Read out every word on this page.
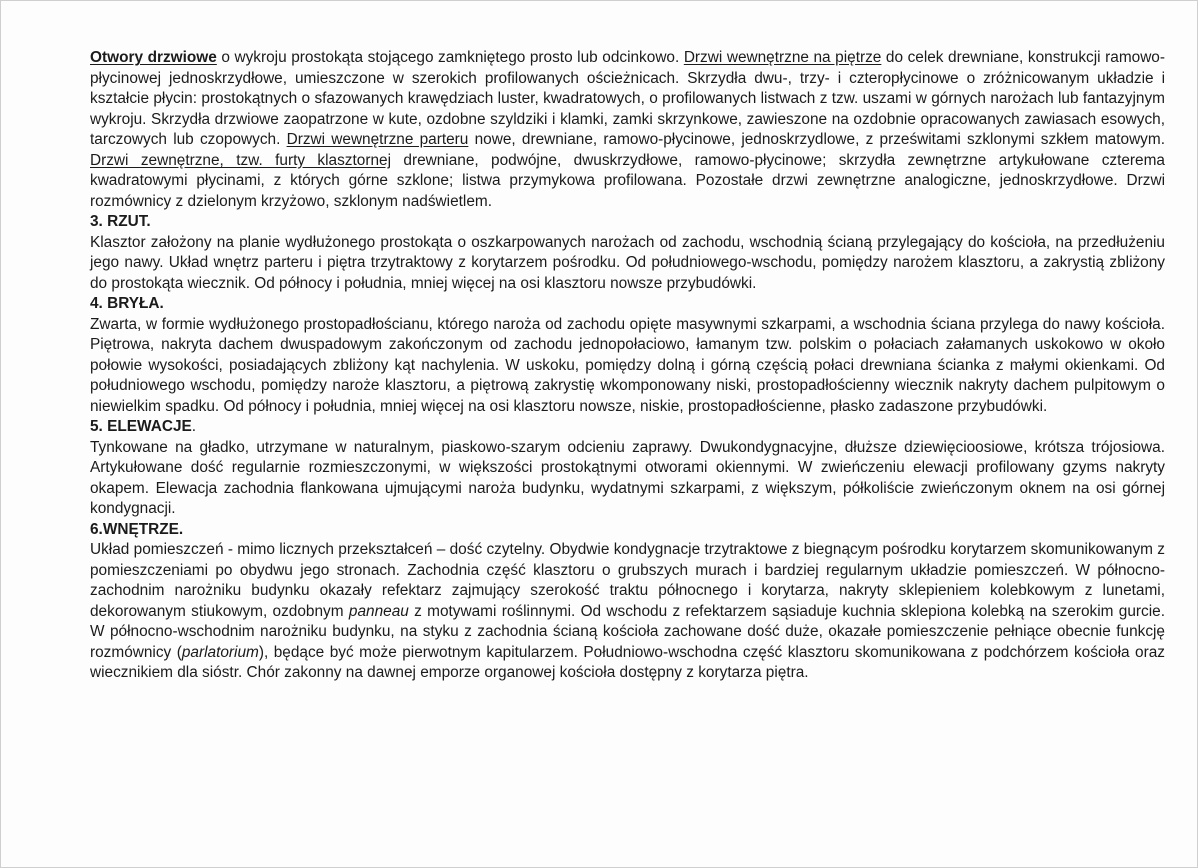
Otwory drzwiowe o wykroju prostokąta stojącego zamkniętego prosto lub odcinkowo. Drzwi wewnętrzne na piętrze do celek drewniane, konstrukcji ramowo-płycinowej jednoskrzydłowe, umieszczone w szerokich profilowanych ościeżnicach. Skrzydła dwu-, trzy- i czteropłycinowe o zróżnicowanym układzie i kształcie płycin: prostokątnych o sfazowanych krawędziach luster, kwadratowych, o profilowanych listwach z tzw. uszami w górnych narożach lub fantazyjnym wykroju. Skrzydła drzwiowe zaopatrzone w kute, ozdobne szyldziki i klamki, zamki skrzynkowe, zawieszone na ozdobnie opracowanych zawiasach esowych, tarczowych lub czopowych. Drzwi wewnętrzne parteru nowe, drewniane, ramowo-płycinowe, jednoskrzydlowe, z prześwitami szklonymi szkłem matowym. Drzwi zewnętrzne, tzw. furty klasztornej drewniane, podwójne, dwuskrzydłowe, ramowo-płycinowe; skrzydła zewnętrzne artykułowane czterema kwadratowymi płycinami, z których górne szklone; listwa przymykowa profilowana. Pozostałe drzwi zewnętrzne analogiczne, jednoskrzydłowe. Drzwi rozmównicy z dzielonym krzyżowo, szklonym nadświetlem.

3. RZUT.

Klasztor założony na planie wydłużonego prostokąta o oszkarpowanych narożach od zachodu, wschodnią ścianą przylegający do kościoła, na przedłużeniu jego nawy. Układ wnętrz parteru i piętra trzytraktowy z korytarzem pośrodku. Od południowego-wschodu, pomiędzy narożem klasztoru, a zakrystią zbliżony do prostokąta wiecznik. Od północy i południa, mniej więcej na osi klasztoru nowsze przybudówki.

4. BRYŁA.

Zwarta, w formie wydłużonego prostopadłościanu, którego naroża od zachodu opięte masywnymi szkarpami, a wschodnia ściana przylega do nawy kościoła. Piętrowa, nakryta dachem dwuspadowym zakończonym od zachodu jednopołaciowo, łamanym tzw. polskim o połaciach załamanych uskokowo w około połowie wysokości, posiadających zbliżony kąt nachylenia. W uskoku, pomiędzy dolną i górną częścią połaci drewniana ścianka z małymi okienkami. Od południowego wschodu, pomiędzy naroże klasztoru, a piętrową zakrystię wkomponowany niski, prostopadłościenny wiecznik nakryty dachem pulpitowym o niewielkim spadku. Od północy i południa, mniej więcej na osi klasztoru nowsze, niskie, prostopadłościenne, płasko zadaszone przybudówki.

5. ELEWACJE.

Tynkowane na gładko, utrzymane w naturalnym, piaskowo-szarym odcieniu zaprawy. Dwukondygnacyjne, dłuższe dziewięcioosiowe, krótsza trójosiowa. Artykułowane dość regularnie rozmieszczonymi, w większości prostokątnymi otworami okiennymi. W zwieńczeniu elewacji profilowany gzyms nakryty okapem. Elewacja zachodnia flankowana ujmującymi naroża budynku, wydatnymi szkarpami, z większym, półkoliście zwieńczonym oknem na osi górnej kondygnacji.

6.WNĘTRZE.

Układ pomieszczeń - mimo licznych przekształceń – dość czytelny. Obydwie kondygnacje trzytraktowe z biegnącym pośrodku korytarzem skomunikowanym z pomieszczeniami po obydwu jego stronach. Zachodnia część klasztoru o grubszych murach i bardziej regularnym układzie pomieszczeń. W północno-zachodnim narożniku budynku okazały refektarz zajmujący szerokość traktu północnego i korytarza, nakryty sklepieniem kolebkowym z lunetami, dekorowanym stiukowym, ozdobnym panneau z motywami roślinnymi. Od wschodu z refektarzem sąsiaduje kuchnia sklepiona kolebką na szerokim gurcie. W północno-wschodnim narożniku budynku, na styku z zachodnia ścianą kościoła zachowane dość duże, okazałe pomieszczenie pełniące obecnie funkcję rozmównicy (parlatorium), będące być może pierwotnym kapitularzem. Południowo-wschodna część klasztoru skomunikowana z podchórzem kościoła oraz wiecznikiem dla sióstr. Chór zakonny na dawnej emporze organowej kościoła dostępny z korytarza piętra.
